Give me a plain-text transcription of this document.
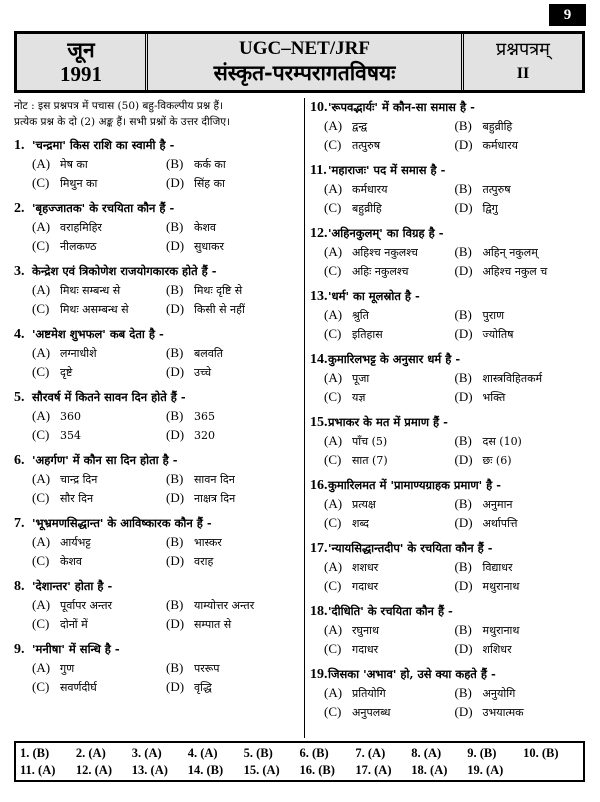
9
जून
1991
UGC–NET/JRF
संस्कृत-परम्परागतविषयः
प्रश्नपत्रम्
II
नोट : इस प्रश्नपत्र में पचास (50) बहु-विकल्पीय प्रश्न हैं।
प्रत्येक प्रश्न के दो (2) अङ्क हैं। सभी प्रश्नों के उत्तर दीजिए।
1. 'चन्द्रमा' किस राशि का स्वामी है -
(A) मेष का	(B) कर्क का
(C) मिथुन का	(D) सिंह का
2. 'बृहज्जातक' के रचयिता कौन हैं -
(A) वराहमिहिर	(B) केशव
(C) नीलकण्ठ	(D) सुधाकर
3. केन्द्रेश एवं त्रिकोणेश राजयोगकारक होते हैं -
(A) मिथः सम्बन्ध से	(B) मिथः दृष्टि से
(C) मिथः असम्बन्ध से	(D) किसी से नहीं
4. 'अष्टमेश शुभफल' कब देता है -
(A) लग्नाधीशे	(B) बलवति
(C) दृष्टे	(D) उच्चे
5. सौरवर्ष में कितने सावन दिन होते हैं -
(A) 360	(B) 365
(C) 354	(D) 320
6. 'अहर्गण' में कौन सा दिन होता है -
(A) चान्द्र दिन	(B) सावन दिन
(C) सौर दिन	(D) नाक्षत्र दिन
7. 'भूभ्रमणसिद्धान्त' के आविष्कारक कौन हैं -
(A) आर्यभट्ट	(B) भास्कर
(C) केशव	(D) वराह
8. 'देशान्तर' होता है -
(A) पूर्वापर अन्तर	(B) याम्योत्तर अन्तर
(C) दोनों में	(D) सम्पात से
9. 'मनीषा' में सन्धि है -
(A) गुण	(B) पररूप
(C) सवर्णदीर्घ	(D) वृद्धि
10.'रूपवद्भार्यः' में कौन-सा समास है -
(A) द्वन्द्व	(B) बहुव्रीहि
(C) तत्पुरुष	(D) कर्मधारय
11.'महाराजः' पद में समास है -
(A) कर्मधारय	(B) तत्पुरुष
(C) बहुव्रीहि	(D) द्विगु
12.'अहिनकुलम्' का विग्रह है -
(A) अहिश्च नकुलश्च	(B) अहिन् नकुलम्
(C) अहिः नकुलश्च	(D) अहिश्च नकुल च
13.'धर्म' का मूलस्रोत है -
(A) श्रुति	(B) पुराण
(C) इतिहास	(D) ज्योतिष
14.कुमारिलभट्ट के अनुसार धर्म है -
(A) पूजा	(B) शास्त्रविहितकर्म
(C) यज्ञ	(D) भक्ति
15.प्रभाकर के मत में प्रमाण हैं -
(A) पाँच (5)	(B) दस (10)
(C) सात (7)	(D) छः (6)
16.कुमारिलमत में 'प्रामाण्यग्राहक प्रमाण' है -
(A) प्रत्यक्ष	(B) अनुमान
(C) शब्द	(D) अर्थापत्ति
17.'न्यायसिद्धान्तदीप' के रचयिता कौन हैं -
(A) शशधर	(B) विद्याधर
(C) गदाधर	(D) मथुरानाथ
18.'दीधिति' के रचयिता कौन हैं -
(A) रघुनाथ	(B) मथुरानाथ
(C) गदाधर	(D) शशिधर
19.जिसका 'अभाव' हो, उसे क्या कहते हैं -
(A) प्रतियोगि	(B) अनुयोगि
(C) अनुपलब्ध	(D) उभयात्मक
1. (B)	2. (A)	3. (A)	4. (A)	5. (B)	6. (B)	7. (A)	8. (A)	9. (B)	10. (B)
11. (A)	12. (A)	13. (A)	14. (B)	15. (A)	16. (B)	17. (A)	18. (A)	19. (A)
